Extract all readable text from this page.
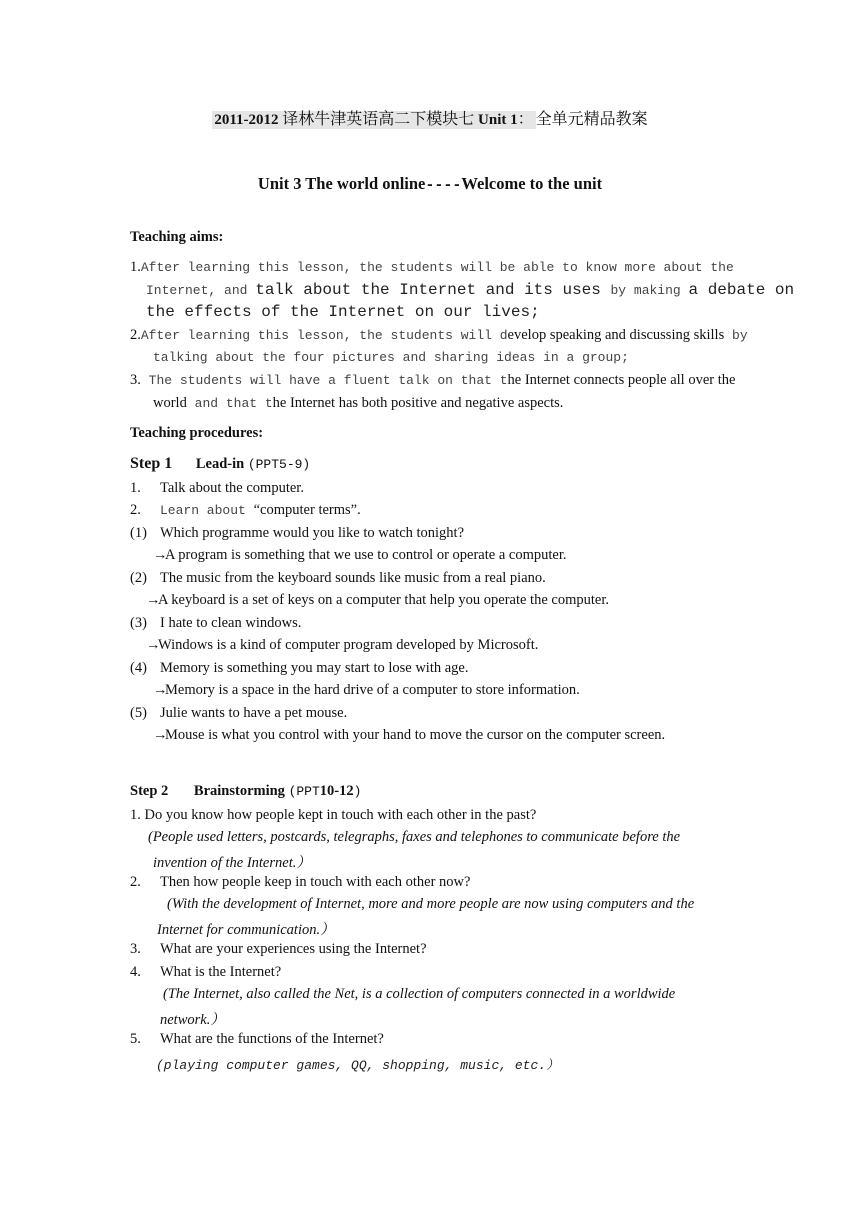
2011-2012 译林牛津英语高二下模块七 Unit 1： 全单元精品教案
Unit 3 The world online----Welcome to the unit
Teaching aims:
1.After learning this lesson, the students will be able to know more about the
Internet, and talk about the Internet and its uses by making a debate on
the effects of the Internet on our lives;
2.After learning this lesson, the students will develop speaking and discussing skills by
talking about the four pictures and sharing ideas in a group;
3. The students will have a fluent talk on that the Internet connects people all over the
world and that the Internet has both positive and negative aspects.
Teaching procedures:
Step 1 Lead-in (PPT5-9)
1. Talk about the computer.
2. Learn about “computer terms”.
(1) Which programme would you like to watch tonight?
→A program is something that we use to control or operate a computer.
(2) The music from the keyboard sounds like music from a real piano.
→A keyboard is a set of keys on a computer that help you operate the computer.
(3) I hate to clean windows.
→Windows is a kind of computer program developed by Microsoft.
(4) Memory is something you may start to lose with age.
→Memory is a space in the hard drive of a computer to store information.
(5) Julie wants to have a pet mouse.
→Mouse is what you control with your hand to move the cursor on the computer screen.
Step 2 Brainstorming (PPT10-12)
1. Do you know how people kept in touch with each other in the past?
(People used letters, postcards, telegraphs, faxes and telephones to communicate before the
invention of the Internet.）
2. Then how people keep in touch with each other now?
(With the development of Internet, more and more people are now using computers and the
Internet for communication.）
3. What are your experiences using the Internet?
4. What is the Internet?
(The Internet, also called the Net, is a collection of computers connected in a worldwide
network.）
5. What are the functions of the Internet?
(playing computer games, QQ, shopping, music, etc.）
